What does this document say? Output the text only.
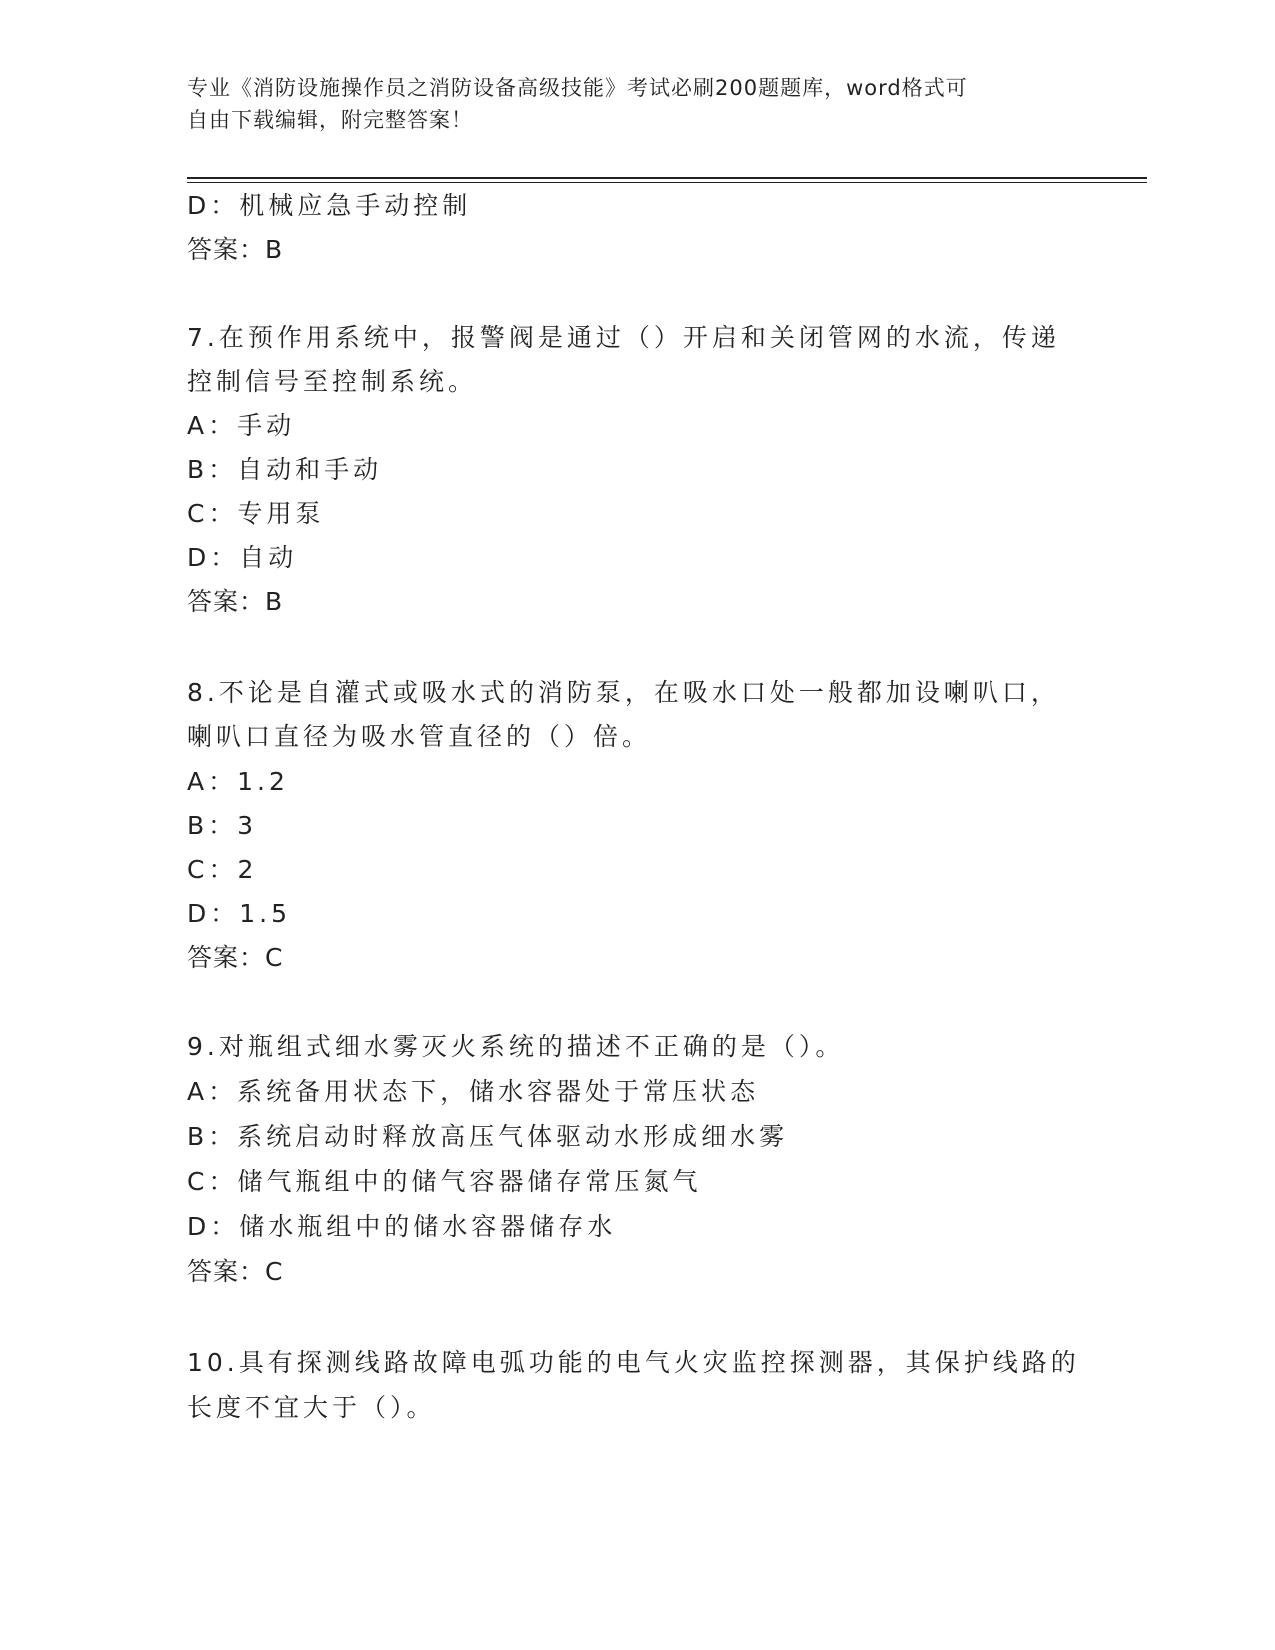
专业《消防设施操作员之消防设备高级技能》考试必刷200题题库，word格式可
自由下载编辑，附完整答案！
D：机械应急手动控制
答案：B
7.在预作用系统中，报警阀是通过（）开启和关闭管网的水流，传递
控制信号至控制系统。
A：手动
B：自动和手动
C：专用泵
D：自动
答案：B
8.不论是自灌式或吸水式的消防泵，在吸水口处一般都加设喇叭口，
喇叭口直径为吸水管直径的（）倍。
A：1.2
B：3
C：2
D：1.5
答案：C
9.对瓶组式细水雾灭火系统的描述不正确的是（）。
A：系统备用状态下，储水容器处于常压状态
B：系统启动时释放高压气体驱动水形成细水雾
C：储气瓶组中的储气容器储存常压氮气
D：储水瓶组中的储水容器储存水
答案：C
10.具有探测线路故障电弧功能的电气火灾监控探测器，其保护线路的
长度不宜大于（）。
